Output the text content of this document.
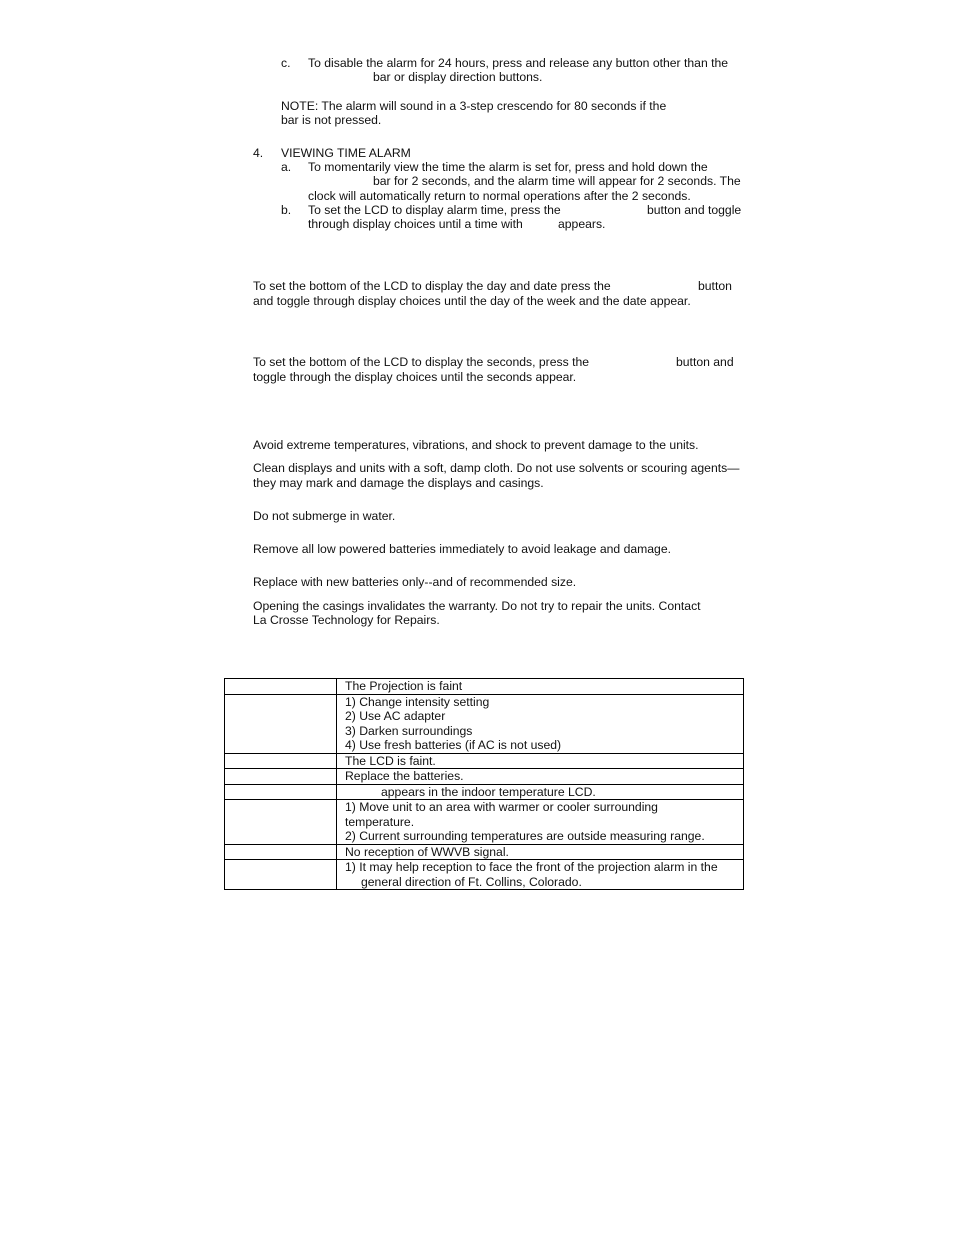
c. To disable the alarm for 24 hours, press and release any button other than the
bar or display direction buttons.
NOTE: The alarm will sound in a 3-step crescendo for 80 seconds if the
bar is not pressed.
4. VIEWING TIME ALARM
a. To momentarily view the time the alarm is set for, press and hold down the
bar for 2 seconds, and the alarm time will appear for 2 seconds. The
clock will automatically return to normal operations after the 2 seconds.
b. To set the LCD to display alarm time, press the	button and toggle
through display choices until a time with	appears.
To set the bottom of the LCD to display the day and date press the	button
and toggle through display choices until the day of the week and the date appear.
To set the bottom of the LCD to display the seconds, press the	button and
toggle through the display choices until the seconds appear.
Avoid extreme temperatures, vibrations, and shock to prevent damage to the units.
Clean displays and units with a soft, damp cloth. Do not use solvents or scouring agents—
they may mark and damage the displays and casings.
Do not submerge in water.
Remove all low powered batteries immediately to avoid leakage and damage.
Replace with new batteries only--and of recommended size.
Opening the casings invalidates the warranty. Do not try to repair the units. Contact
La Crosse Technology for Repairs.
	The Projection is faint

	1) Change intensity setting
2) Use AC adapter
3) Darken surroundings
4) Use fresh batteries (if AC is not used)

	The LCD is faint.
	Replace the batteries.
	appears in the indoor temperature LCD.

	1) Move unit to an area with warmer or cooler surrounding
temperature.
2) Current surrounding temperatures are outside measuring range.

	No reception of WWVB signal.

	1) It may help reception to face the front of the projection alarm in the
general direction of Ft. Collins, Colorado.
